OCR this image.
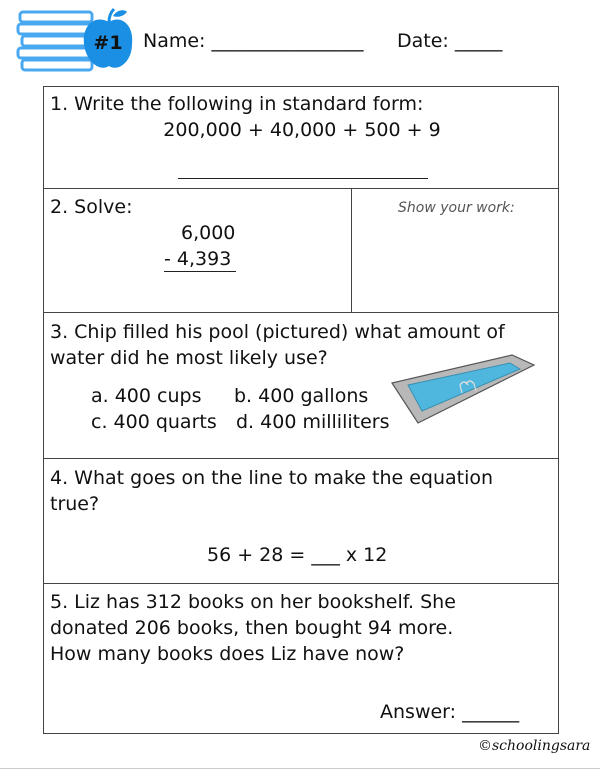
#1	Name: ________________ Date: _____
1. Write the following in standard form:
200,000 + 40,000 + 500 + 9
2. Solve:
6,000
- 4,393
Show your work:
3. Chip filled his pool (pictured) what amount of
water did he most likely use?
a. 400 cups b. 400 gallons
c. 400 quarts d. 400 milliliters
4. What goes on the line to make the equation
true?
56 + 28 = ___ x 12
5. Liz has 312 books on her bookshelf. She
donated 206 books, then bought 94 more.
How many books does Liz have now?
Answer: ______
©schoolingsara
